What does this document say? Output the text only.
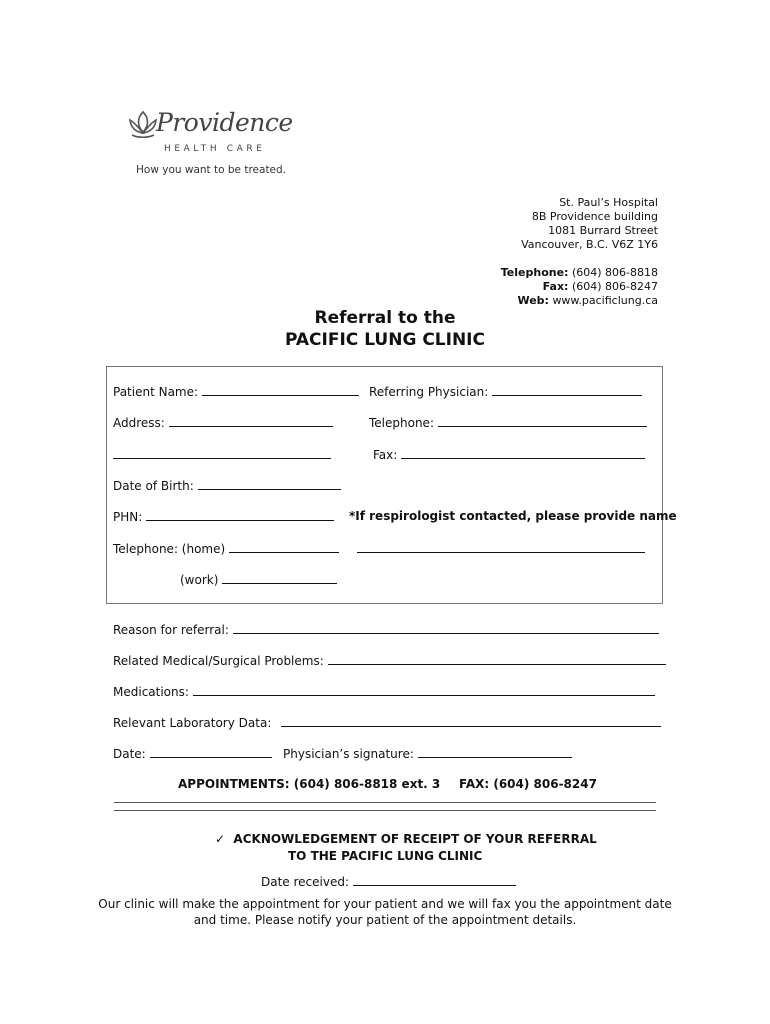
Providence
HEALTH CARE
How you want to be treated.
St. Paul’s Hospital
8B Providence building
1081 Burrard Street
Vancouver, B.C. V6Z 1Y6
Telephone: (604) 806-8818
Fax: (604) 806-8247
Web: www.pacificlung.ca
Referral to the
PACIFIC LUNG CLINIC
Patient Name:	Referring Physician:
Address:	Telephone:
Fax:
Date of Birth:
PHN:	*If respirologist contacted, please provide name
Telephone: (home)
(work)
Reason for referral:
Related Medical/Surgical Problems:
Medications:
Relevant Laboratory Data:
Date:	Physician’s signature:
APPOINTMENTS: (604) 806-8818 ext. 3 FAX: (604) 806-8247
✓ ACKNOWLEDGEMENT OF RECEIPT OF YOUR REFERRAL
TO THE PACIFIC LUNG CLINIC
Date received:
Our clinic will make the appointment for your patient and we will fax you the appointment date
and time. Please notify your patient of the appointment details.
